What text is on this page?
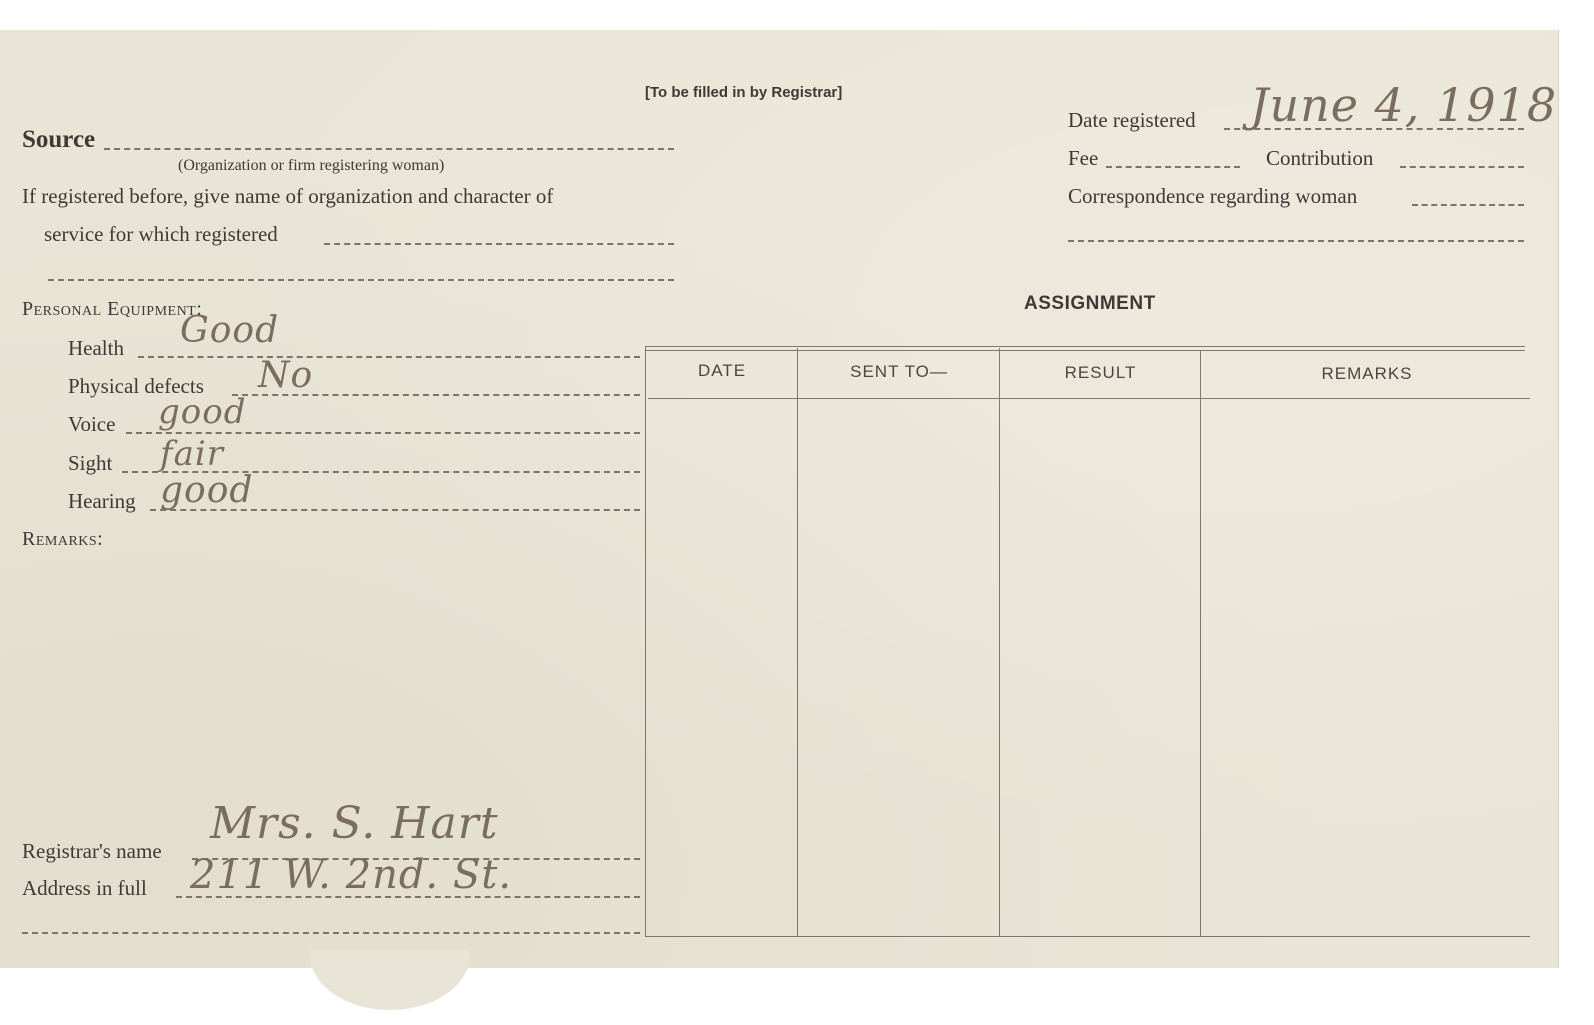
[To be filled in by Registrar]
Source
(Organization or firm registering woman)
If registered before, give name of organization and character of
service for which registered
Personal Equipment:
Health Good
Physical defects No
Voice good
Sight fair
Hearing good
Remarks:
Registrar's name
Mrs. S. Hart
Address in full 211 W. 2nd. St.
Date registered June 4, 1918
Fee	Contribution
Correspondence regarding woman
ASSIGNMENT
DATE	SENT TO—	RESULT	REMARKS
